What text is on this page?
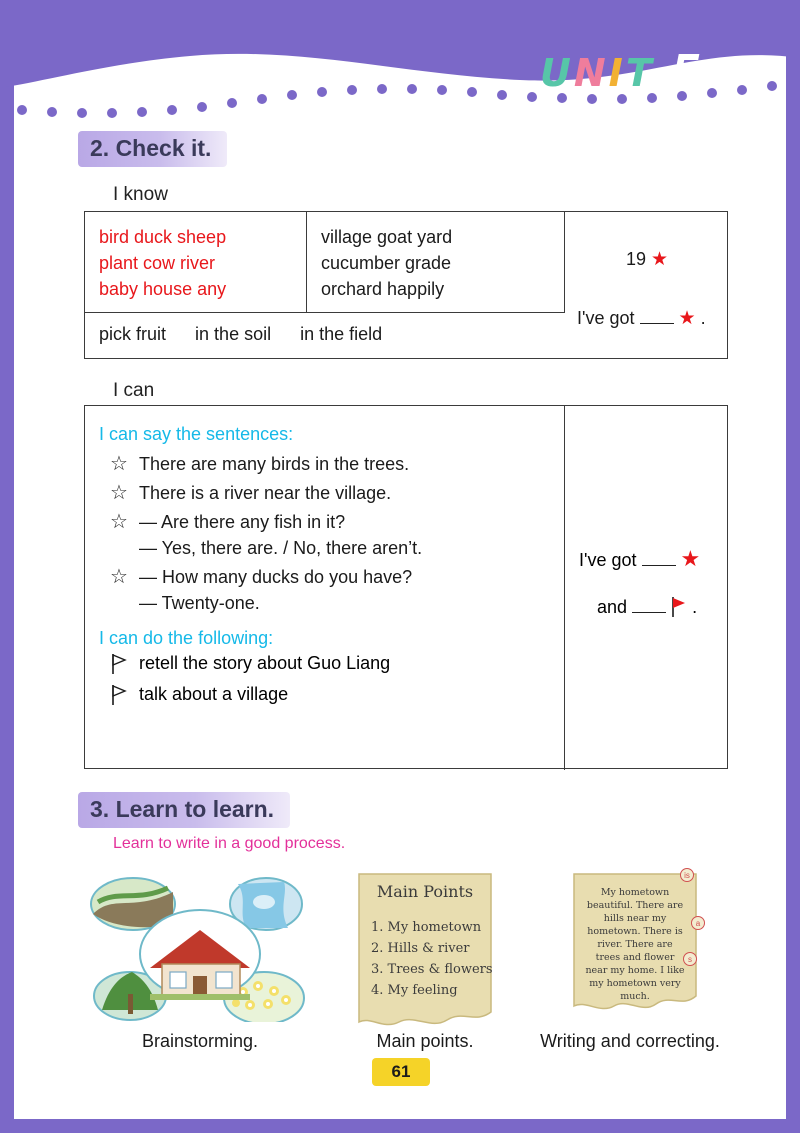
UNIT 5
2. Check it.
I know
bird duck sheep
plant cow river
baby house any
village goat yard
cucumber grade
orchard happily
pick fruit in the soil in the field
19 ★
I've got ★ .
I can
I can say the sentences:
☆ There are many birds in the trees.
☆ There is a river near the village.
☆ — Are there any fish in it?
— Yes, there are. / No, there aren’t.
☆ — How many ducks do you have?
— Twenty-one.
I can do the following:
retell the story about Guo Liang
talk about a village
I've got ★
and	.
3. Learn to learn.
Learn to write in a good process.
Brainstorming.
Main Points
1. My hometown
2. Hills & river
3. Trees & flowers
4. My feeling
Main points.
My hometown beautiful. There are hills near my hometown. There is river. There are trees and flower near my home. I like my hometown very much.
is
a
s
Writing and correcting.
61
